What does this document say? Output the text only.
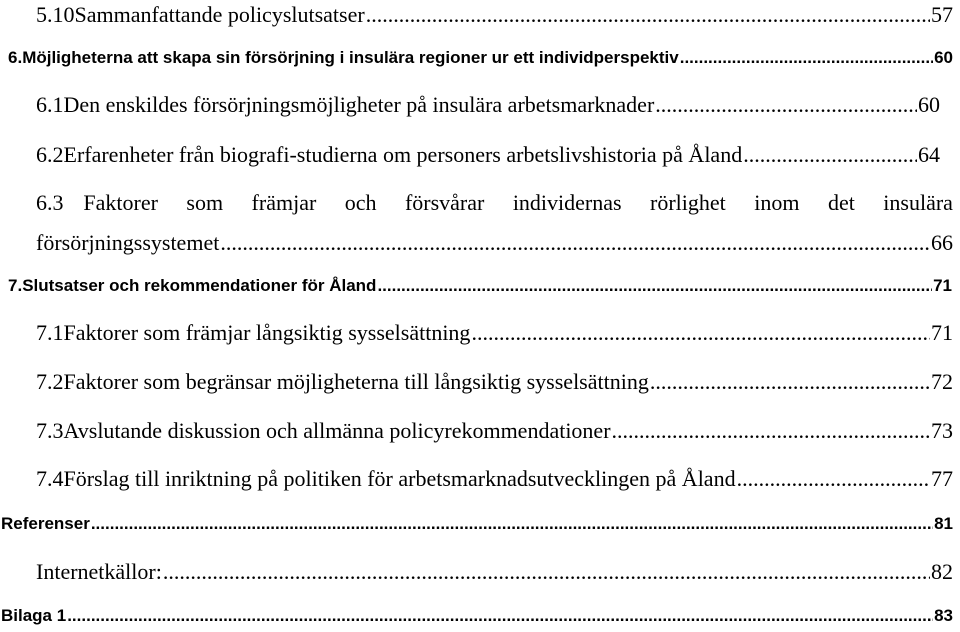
5.10 Sammanfattande policyslutsatser .....	57
6. Möjligheterna att skapa sin försörjning i insulära regioner ur ett individperspektiv .....	60
6.1 Den enskildes försörjningsmöjligheter på insulära arbetsmarknader .....	60
6.2 Erfarenheter från biografi-studierna om personers arbetslivshistoria på Åland .....	64
6.3 Faktorer som främjar och försvårar individernas rörlighet inom det insulära
försörjningssystemet .....	66
7. Slutsatser och rekommendationer för Åland .....	71
7.1 Faktorer som främjar långsiktig sysselsättning .....	71
7.2 Faktorer som begränsar möjligheterna till långsiktig sysselsättning .....	72
7.3 Avslutande diskussion och allmänna policyrekommendationer .....	73
7.4 Förslag till inriktning på politiken för arbetsmarknadsutvecklingen på Åland .....	77
Referenser .....	81
Internetkällor: .....	82
Bilaga 1 .....	83
